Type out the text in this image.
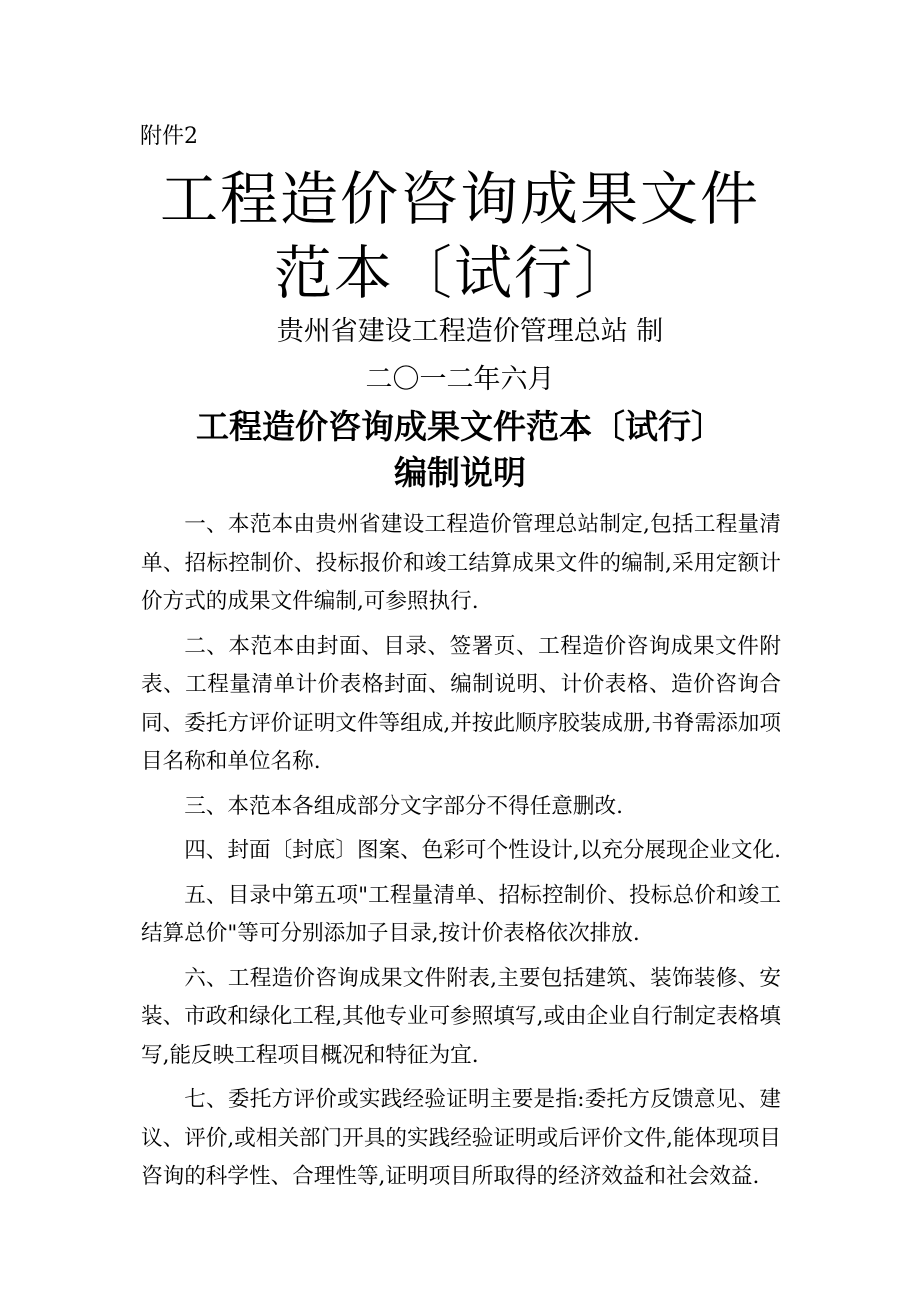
附件2
工程造价咨询成果文件
范本〔试行〕
贵州省建设工程造价管理总站 制
二〇一二年六月
工程造价咨询成果文件范本〔试行〕
编制说明

一、本范本由贵州省建设工程造价管理总站制定,包括工程量清单、招标控制价、投标报价和竣工结算成果文件的编制,采用定额计价方式的成果文件编制,可参照执行.

二、本范本由封面、目录、签署页、工程造价咨询成果文件附表、工程量清单计价表格封面、编制说明、计价表格、造价咨询合同、委托方评价证明文件等组成,并按此顺序胶装成册,书脊需添加项目名称和单位名称.

三、本范本各组成部分文字部分不得任意删改.

四、封面〔封底〕图案、色彩可个性设计,以充分展现企业文化.

五、目录中第五项"工程量清单、招标控制价、投标总价和竣工结算总价"等可分别添加子目录,按计价表格依次排放.

六、工程造价咨询成果文件附表,主要包括建筑、装饰装修、安装、市政和绿化工程,其他专业可参照填写,或由企业自行制定表格填写,能反映工程项目概况和特征为宜.

七、委托方评价或实践经验证明主要是指:委托方反馈意见、建议、评价,或相关部门开具的实践经验证明或后评价文件,能体现项目咨询的科学性、合理性等,证明项目所取得的经济效益和社会效益.
